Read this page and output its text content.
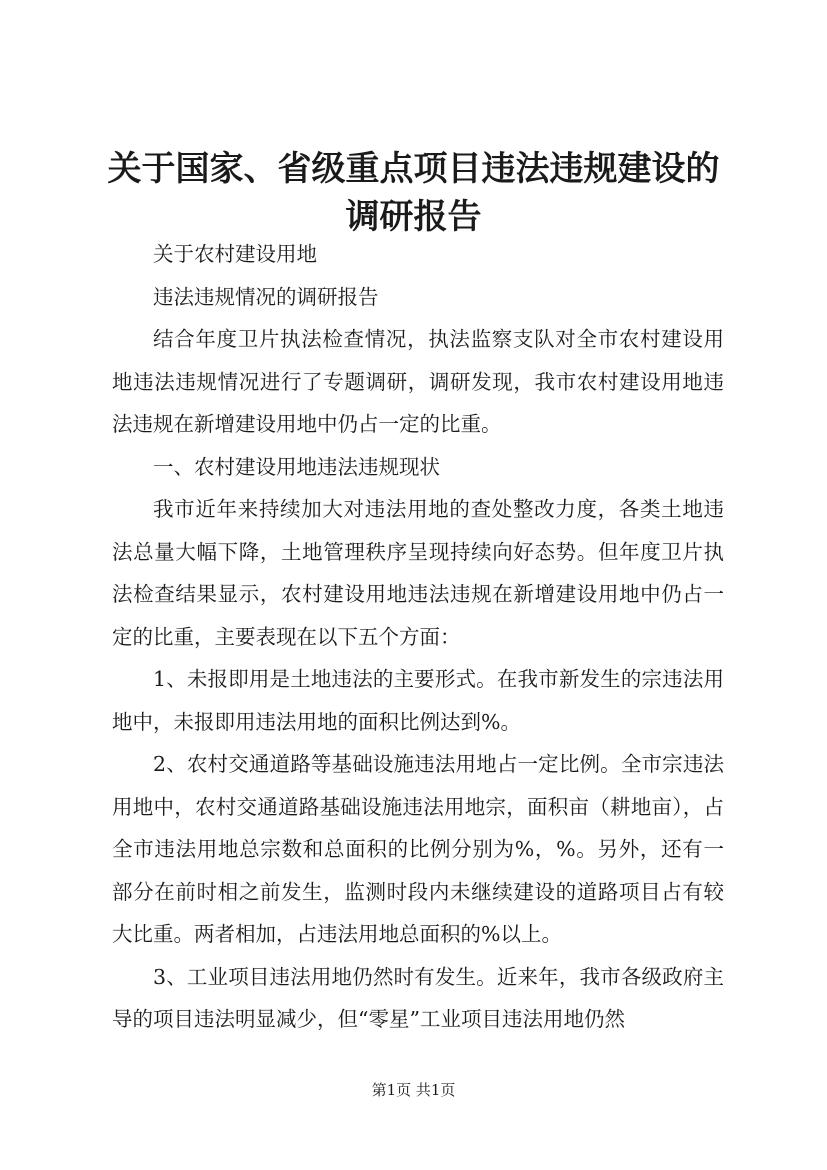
关于国家、省级重点项目违法违规建设的调研报告

关于农村建设用地

违法违规情况的调研报告

结合年度卫片执法检查情况，执法监察支队对全市农村建设用地违法违规情况进行了专题调研，调研发现，我市农村建设用地违法违规在新增建设用地中仍占一定的比重。

一、农村建设用地违法违规现状

我市近年来持续加大对违法用地的查处整改力度，各类土地违法总量大幅下降，土地管理秩序呈现持续向好态势。但年度卫片执法检查结果显示，农村建设用地违法违规在新增建设用地中仍占一定的比重，主要表现在以下五个方面：

1、未报即用是土地违法的主要形式。在我市新发生的宗违法用地中，未报即用违法用地的面积比例达到%。

2、农村交通道路等基础设施违法用地占一定比例。全市宗违法用地中，农村交通道路基础设施违法用地宗，面积亩（耕地亩），占全市违法用地总宗数和总面积的比例分别为%，%。另外，还有一部分在前时相之前发生，监测时段内未继续建设的道路项目占有较大比重。两者相加，占违法用地总面积的%以上。

3、工业项目违法用地仍然时有发生。近来年，我市各级政府主导的项目违法明显减少，但“零星”工业项目违法用地仍然

第1页 共1页
